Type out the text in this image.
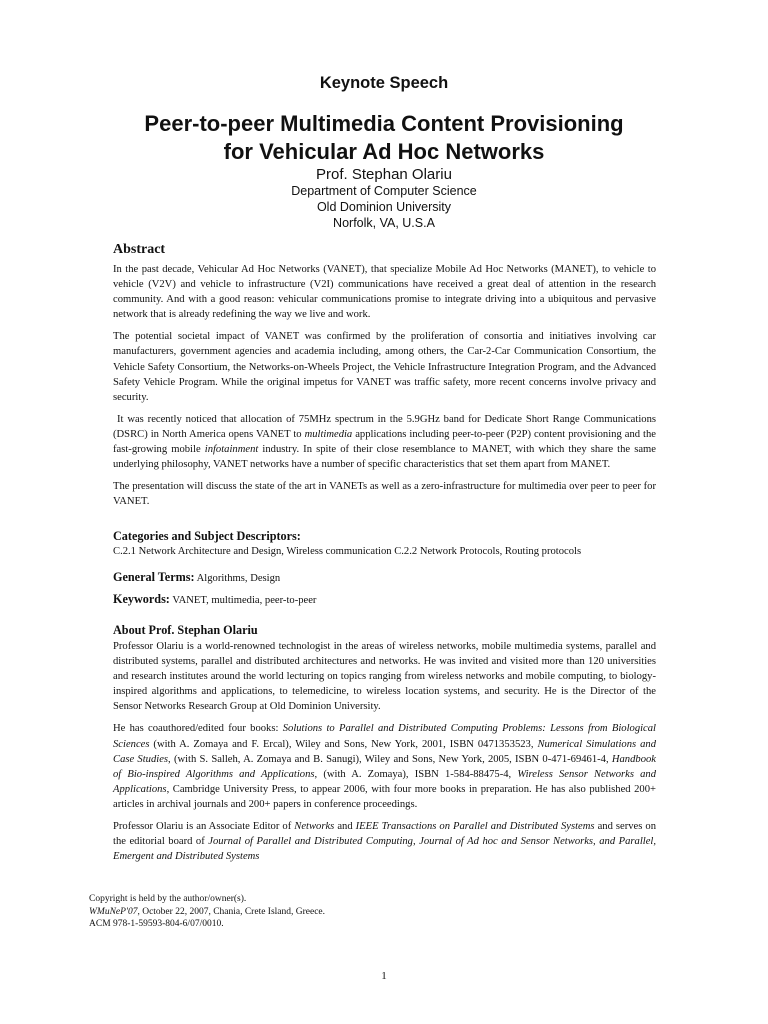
Keynote Speech
Peer-to-peer Multimedia Content Provisioning
for Vehicular Ad Hoc Networks
Prof. Stephan Olariu
Department of Computer Science
Old Dominion University
Norfolk, VA, U.S.A
Abstract

In the past decade, Vehicular Ad Hoc Networks (VANET), that specialize Mobile Ad Hoc Networks (MANET), to vehicle to vehicle (V2V) and vehicle to infrastructure (V2I) communications have received a great deal of attention in the research community. And with a good reason: vehicular communications promise to integrate driving into a ubiquitous and pervasive network that is already redefining the way we live and work.

The potential societal impact of VANET was confirmed by the proliferation of consortia and initiatives involving car manufacturers, government agencies and academia including, among others, the Car-2-Car Communication Consortium, the Vehicle Safety Consortium, the Networks-on-Wheels Project, the Vehicle Infrastructure Integration Program, and the Advanced Safety Vehicle Program. While the original impetus for VANET was traffic safety, more recent concerns involve privacy and security.

It was recently noticed that allocation of 75MHz spectrum in the 5.9GHz band for Dedicate Short Range Communications (DSRC) in North America opens VANET to multimedia applications including peer-to-peer (P2P) content provisioning and the fast-growing mobile infotainment industry. In spite of their close resemblance to MANET, with which they share the same underlying philosophy, VANET networks have a number of specific characteristics that set them apart from MANET.

The presentation will discuss the state of the art in VANETs as well as a zero-infrastructure for multimedia over peer to peer for VANET.

Categories and Subject Descriptors:
C.2.1 Network Architecture and Design, Wireless communication C.2.2 Network Protocols, Routing protocols
General Terms: Algorithms, Design
Keywords: VANET, multimedia, peer-to-peer
About Prof. Stephan Olariu

Professor Olariu is a world-renowned technologist in the areas of wireless networks, mobile multimedia systems, parallel and distributed systems, parallel and distributed architectures and networks. He was invited and visited more than 120 universities and research institutes around the world lecturing on topics ranging from wireless networks and mobile computing, to biology-inspired algorithms and applications, to telemedicine, to wireless location systems, and security. He is the Director of the Sensor Networks Research Group at Old Dominion University.

He has coauthored/edited four books: Solutions to Parallel and Distributed Computing Problems: Lessons from Biological Sciences (with A. Zomaya and F. Ercal), Wiley and Sons, New York, 2001, ISBN 0471353523, Numerical Simulations and Case Studies, (with S. Salleh, A. Zomaya and B. Sanugi), Wiley and Sons, New York, 2005, ISBN 0-471-69461-4, Handbook of Bio-inspired Algorithms and Applications, (with A. Zomaya), ISBN 1-584-88475-4, Wireless Sensor Networks and Applications, Cambridge University Press, to appear 2006, with four more books in preparation. He has also published 200+ articles in archival journals and 200+ papers in conference proceedings.

Professor Olariu is an Associate Editor of Networks and IEEE Transactions on Parallel and Distributed Systems and serves on the editorial board of Journal of Parallel and Distributed Computing, Journal of Ad hoc and Sensor Networks, and Parallel, Emergent and Distributed Systems

Copyright is held by the author/owner(s).
WMuNeP'07, October 22, 2007, Chania, Crete Island, Greece.
ACM 978-1-59593-804-6/07/0010.
1
